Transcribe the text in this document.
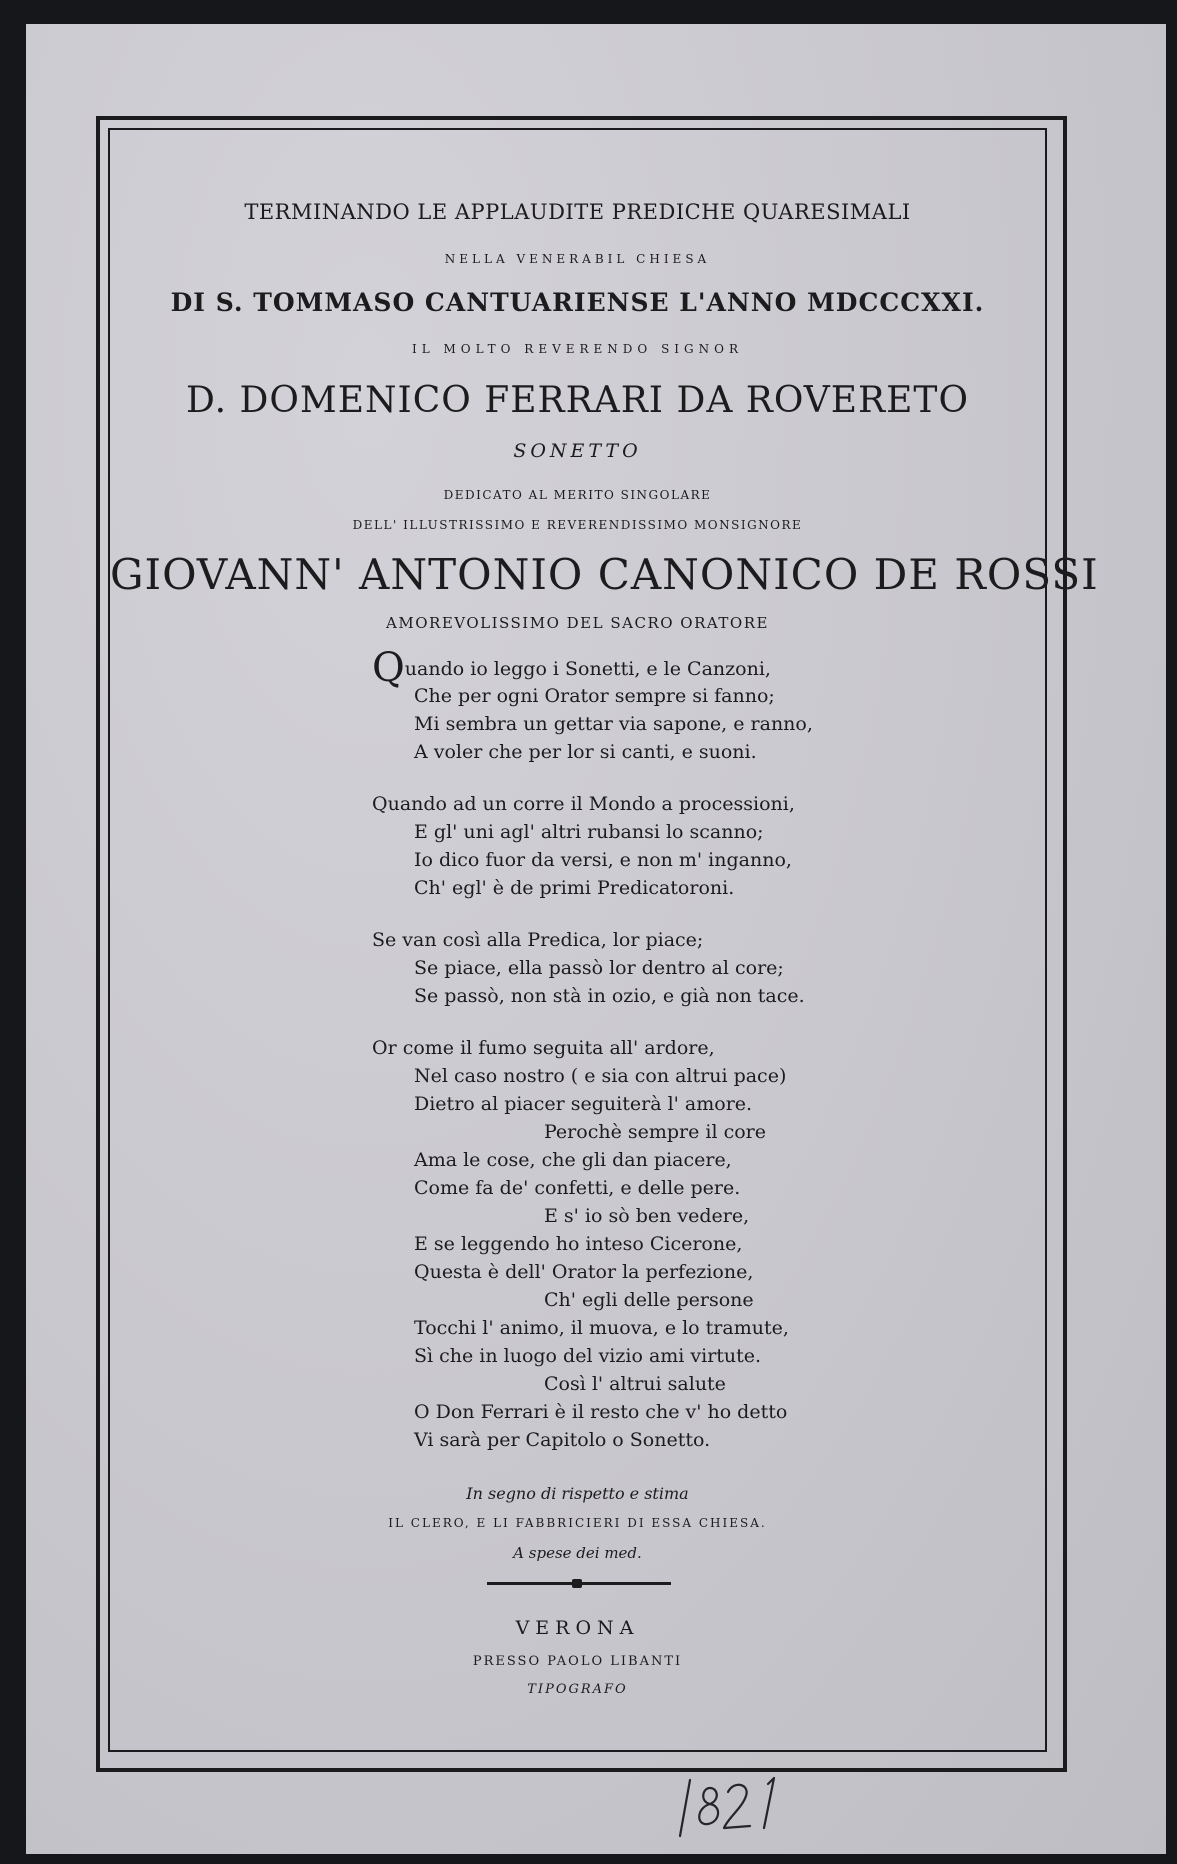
TERMINANDO LE APPLAUDITE PREDICHE QUARESIMALI
NELLA VENERABIL CHIESA
DI S. TOMMASO CANTUARIENSE L'ANNO MDCCCXXI.
IL MOLTO REVERENDO SIGNOR
D. DOMENICO FERRARI DA ROVERETO
SONETTO
DEDICATO AL MERITO SINGOLARE
DELL' ILLUSTRISSIMO E REVERENDISSIMO MONSIGNORE
GIOVANN' ANTONIO CANONICO DE ROSSI
AMOREVOLISSIMO DEL SACRO ORATORE
Quando io leggo i Sonetti, e le Canzoni,
Che per ogni Orator sempre si fanno;
Mi sembra un gettar via sapone, e ranno,
A voler che per lor si canti, e suoni.
Quando ad un corre il Mondo a processioni,
E gl' uni agl' altri rubansi lo scanno;
Io dico fuor da versi, e non m' inganno,
Ch' egl' è de primi Predicatoroni.
Se van così alla Predica, lor piace;
Se piace, ella passò lor dentro al core;
Se passò, non stà in ozio, e già non tace.
Or come il fumo seguita all' ardore,
Nel caso nostro ( e sia con altrui pace)
Dietro al piacer seguiterà l' amore.
Perochè sempre il core
Ama le cose, che gli dan piacere,
Come fa de' confetti, e delle pere.
E s' io sò ben vedere,
E se leggendo ho inteso Cicerone,
Questa è dell' Orator la perfezione,
Ch' egli delle persone
Tocchi l' animo, il muova, e lo tramute,
Sì che in luogo del vizio ami virtute.
Così l' altrui salute
O Don Ferrari è il resto che v' ho detto
Vi sarà per Capitolo o Sonetto.
In segno di rispetto e stima
IL CLERO, E LI FABBRICIERI DI ESSA CHIESA.
A spese dei med.
VERONA
PRESSO PAOLO LIBANTI
TIPOGRAFO
